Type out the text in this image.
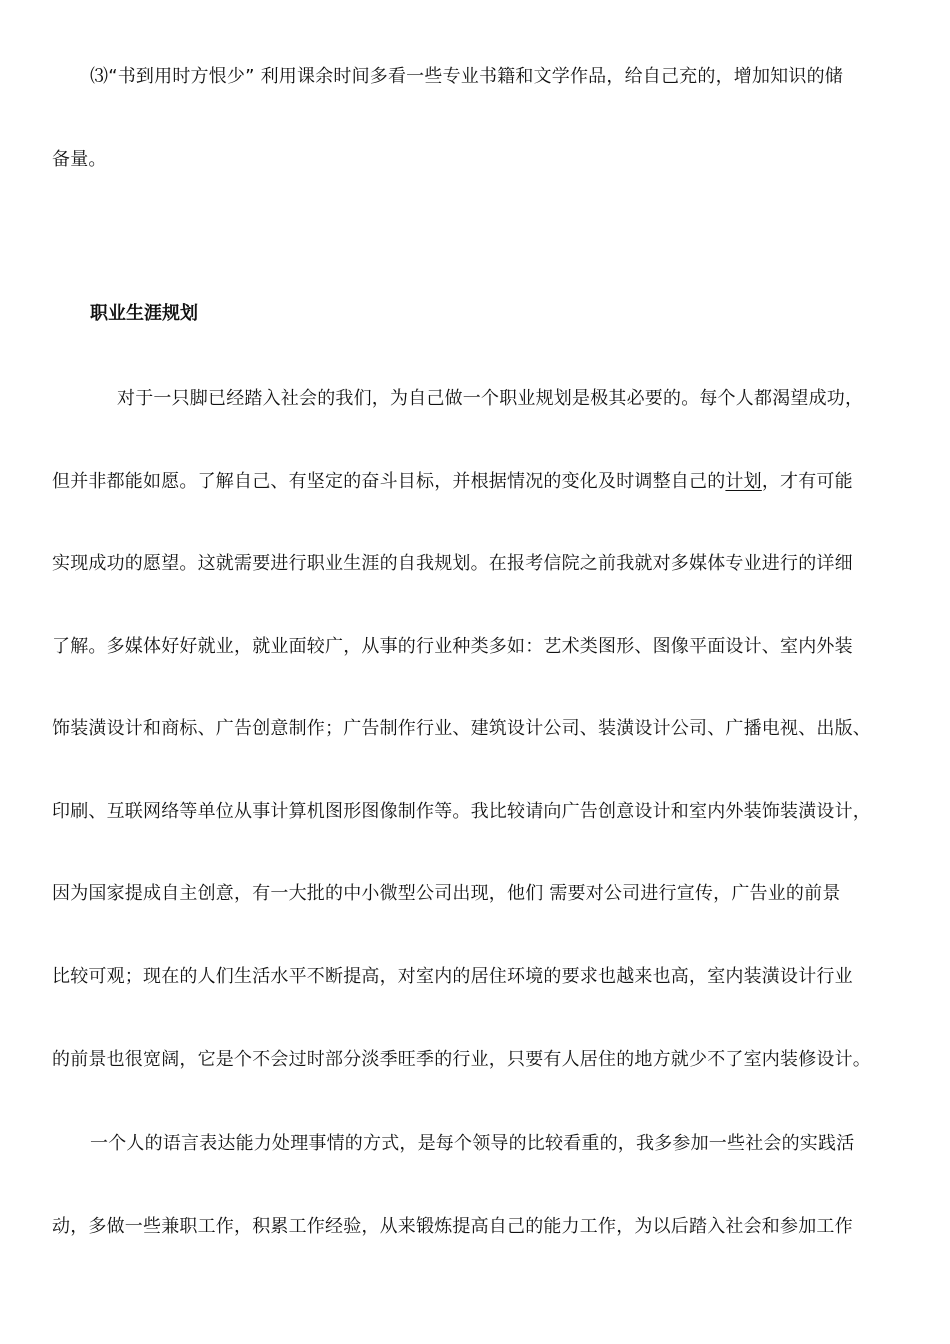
⑶“书到用时方恨少” 利用课余时间多看一些专业书籍和文学作品，给自己充的，增加知识的储
备量。
职业生涯规划
对于一只脚已经踏入社会的我们，为自己做一个职业规划是极其必要的。每个人都渴望成功，
但并非都能如愿。了解自己、有坚定的奋斗目标，并根据情况的变化及时调整自己的计划，才有可能
实现成功的愿望。这就需要进行职业生涯的自我规划。在报考信院之前我就对多媒体专业进行的详细
了解。多媒体好好就业，就业面较广，从事的行业种类多如：艺术类图形、图像平面设计、室内外装
饰装潢设计和商标、广告创意制作；广告制作行业、建筑设计公司、装潢设计公司、广播电视、出版、
印刷、互联网络等单位从事计算机图形图像制作等。我比较请向广告创意设计和室内外装饰装潢设计，
因为国家提成自主创意，有一大批的中小微型公司出现，他们 需要对公司进行宣传，广告业的前景
比较可观；现在的人们生活水平不断提高，对室内的居住环境的要求也越来也高，室内装潢设计行业
的前景也很宽阔，它是个不会过时部分淡季旺季的行业，只要有人居住的地方就少不了室内装修设计。
一个人的语言表达能力处理事情的方式，是每个领导的比较看重的，我多参加一些社会的实践活
动，多做一些兼职工作，积累工作经验，从来锻炼提高自己的能力工作，为以后踏入社会和参加工作
